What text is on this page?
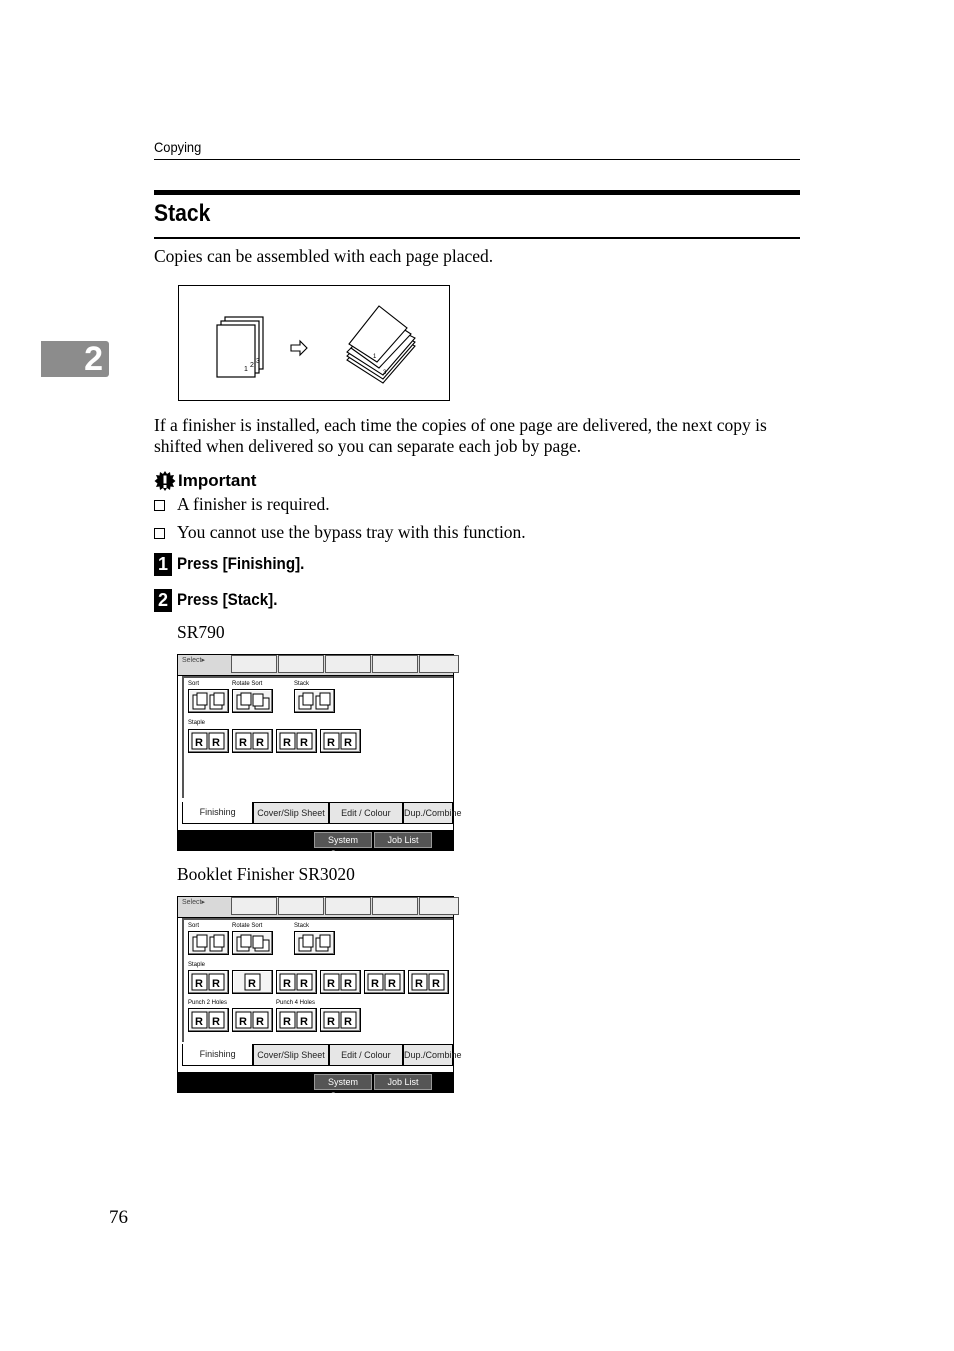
Copying
Stack
2
Copies can be assembled with each page placed.
1
2
3
1
3
If a finisher is installed, each time the copies of one page are delivered, the next copy is shifted when delivered so you can separate each job by page.
Important
A finisher is required.
You cannot use the bypass tray with this function.
1 Press [Finishing].
2 Press [Stack].
SR790
Select▸
Sort	Rotate Sort	Stack
Staple
R R R R R R R R
Finishing	Cover/Slip Sheet	Edit / Colour	Dup./Combine
System Status
Job List
Booklet Finisher SR3020
Select▸
Sort	Rotate Sort	Stack
Staple
R R	R R R R R R R R R
Punch 2 Holes	Punch 4 Holes
R R R R R R R R
Finishing	Cover/Slip Sheet	Edit / Colour	Dup./Combine
System Status
Job List
76
